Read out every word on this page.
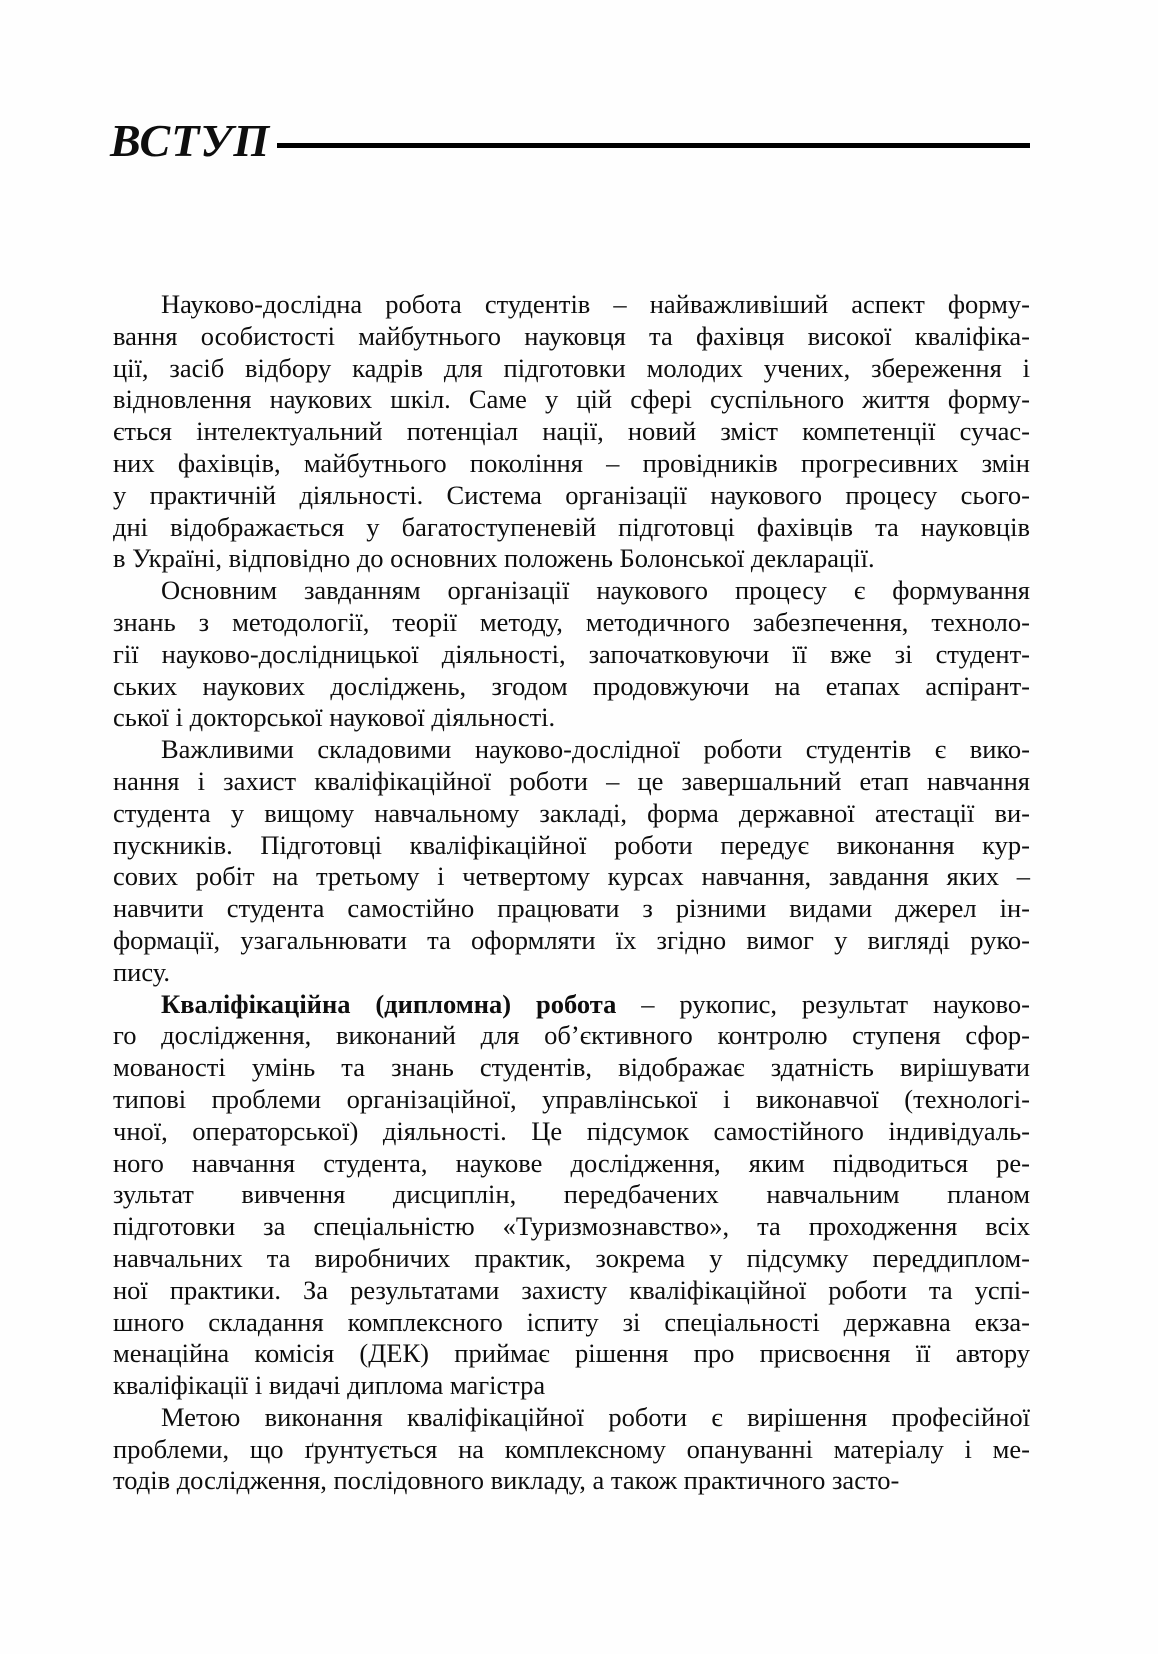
ВСТУП
Науково-дослідна робота студентів – найважливіший аспект форму-
вання особистості майбутнього науковця та фахівця високої кваліфіка-
ції, засіб відбору кадрів для підготовки молодих учених, збереження і
відновлення наукових шкіл. Саме у цій сфері суспільного життя форму-
ється інтелектуальний потенціал нації, новий зміст компетенції сучас-
них фахівців, майбутнього покоління – провідників прогресивних змін
у практичній діяльності. Система організації наукового процесу сього-
дні відображається у багатоступеневій підготовці фахівців та науковців
в Україні, відповідно до основних положень Болонської декларації.
Основним завданням організації наукового процесу є формування
знань з методології, теорії методу, методичного забезпечення, техноло-
гії науково-дослідницької діяльності, започатковуючи її вже зі студент-
ських наукових досліджень, згодом продовжуючи на етапах аспірант-
ської і докторської наукової діяльності.
Важливими складовими науково-дослідної роботи студентів є вико-
нання і захист кваліфікаційної роботи – це завершальний етап навчання
студента у вищому навчальному закладі, форма державної атестації ви-
пускників. Підготовці кваліфікаційної роботи передує виконання кур-
сових робіт на третьому і четвертому курсах навчання, завдання яких –
навчити студента самостійно працювати з різними видами джерел ін-
формації, узагальнювати та оформляти їх згідно вимог у вигляді руко-
пису.
Кваліфікаційна (дипломна) робота – рукопис, результат науково-
го дослідження, виконаний для об’єктивного контролю ступеня сфор-
мованості умінь та знань студентів, відображає здатність вирішувати
типові проблеми організаційної, управлінської і виконавчої (технологі-
чної, операторської) діяльності. Це підсумок самостійного індивідуаль-
ного навчання студента, наукове дослідження, яким підводиться ре-
зультат вивчення дисциплін, передбачених навчальним планом
підготовки за спеціальністю «Туризмознавство», та проходження всіх
навчальних та виробничих практик, зокрема у підсумку переддиплом-
ної практики. За результатами захисту кваліфікаційної роботи та успі-
шного складання комплексного іспиту зі спеціальності державна екза-
менаційна комісія (ДЕК) приймає рішення про присвоєння її автору
кваліфікації і видачі диплома магістра
Метою виконання кваліфікаційної роботи є вирішення професійної
проблеми, що ґрунтується на комплексному опануванні матеріалу і ме-
тодів дослідження, послідовного викладу, а також практичного засто-
